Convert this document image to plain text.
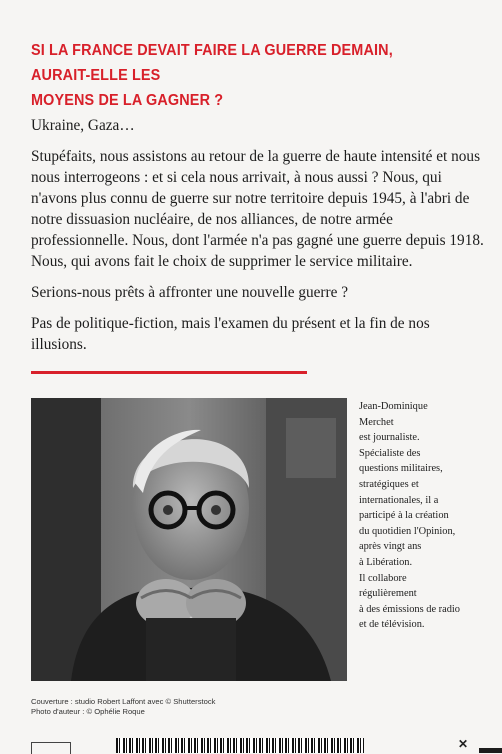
SI LA FRANCE DEVAIT FAIRE LA GUERRE DEMAIN, AURAIT-ELLE LES
MOYENS DE LA GAGNER ?

Ukraine, Gaza…

Stupéfaits, nous assistons au retour de la guerre de haute intensité et nous nous interrogeons : et si cela nous arrivait, à nous aussi ? Nous, qui n'avons plus connu de guerre sur notre territoire depuis 1945, à l'abri de notre dissuasion nucléaire, de nos alliances, de notre armée professionnelle. Nous, dont l'armée n'a pas gagné une guerre depuis 1918. Nous, qui avons fait le choix de supprimer le service militaire.

Serions-nous prêts à affronter une nouvelle guerre ?

Pas de politique-fiction, mais l'examen du présent et la fin de nos illusions.

Jean-Dominique
Merchet
est journaliste.
Spécialiste des
questions militaires,
stratégiques et
internationales, il a
participé à la création
du quotidien l'Opinion,
après vingt ans
à Libération.
Il collabore
régulièrement
à des émissions de radio
et de télévision.
Couverture : studio Robert Laffont avec © Shutterstock
Photo d'auteur : © Ophélie Roque
✕
